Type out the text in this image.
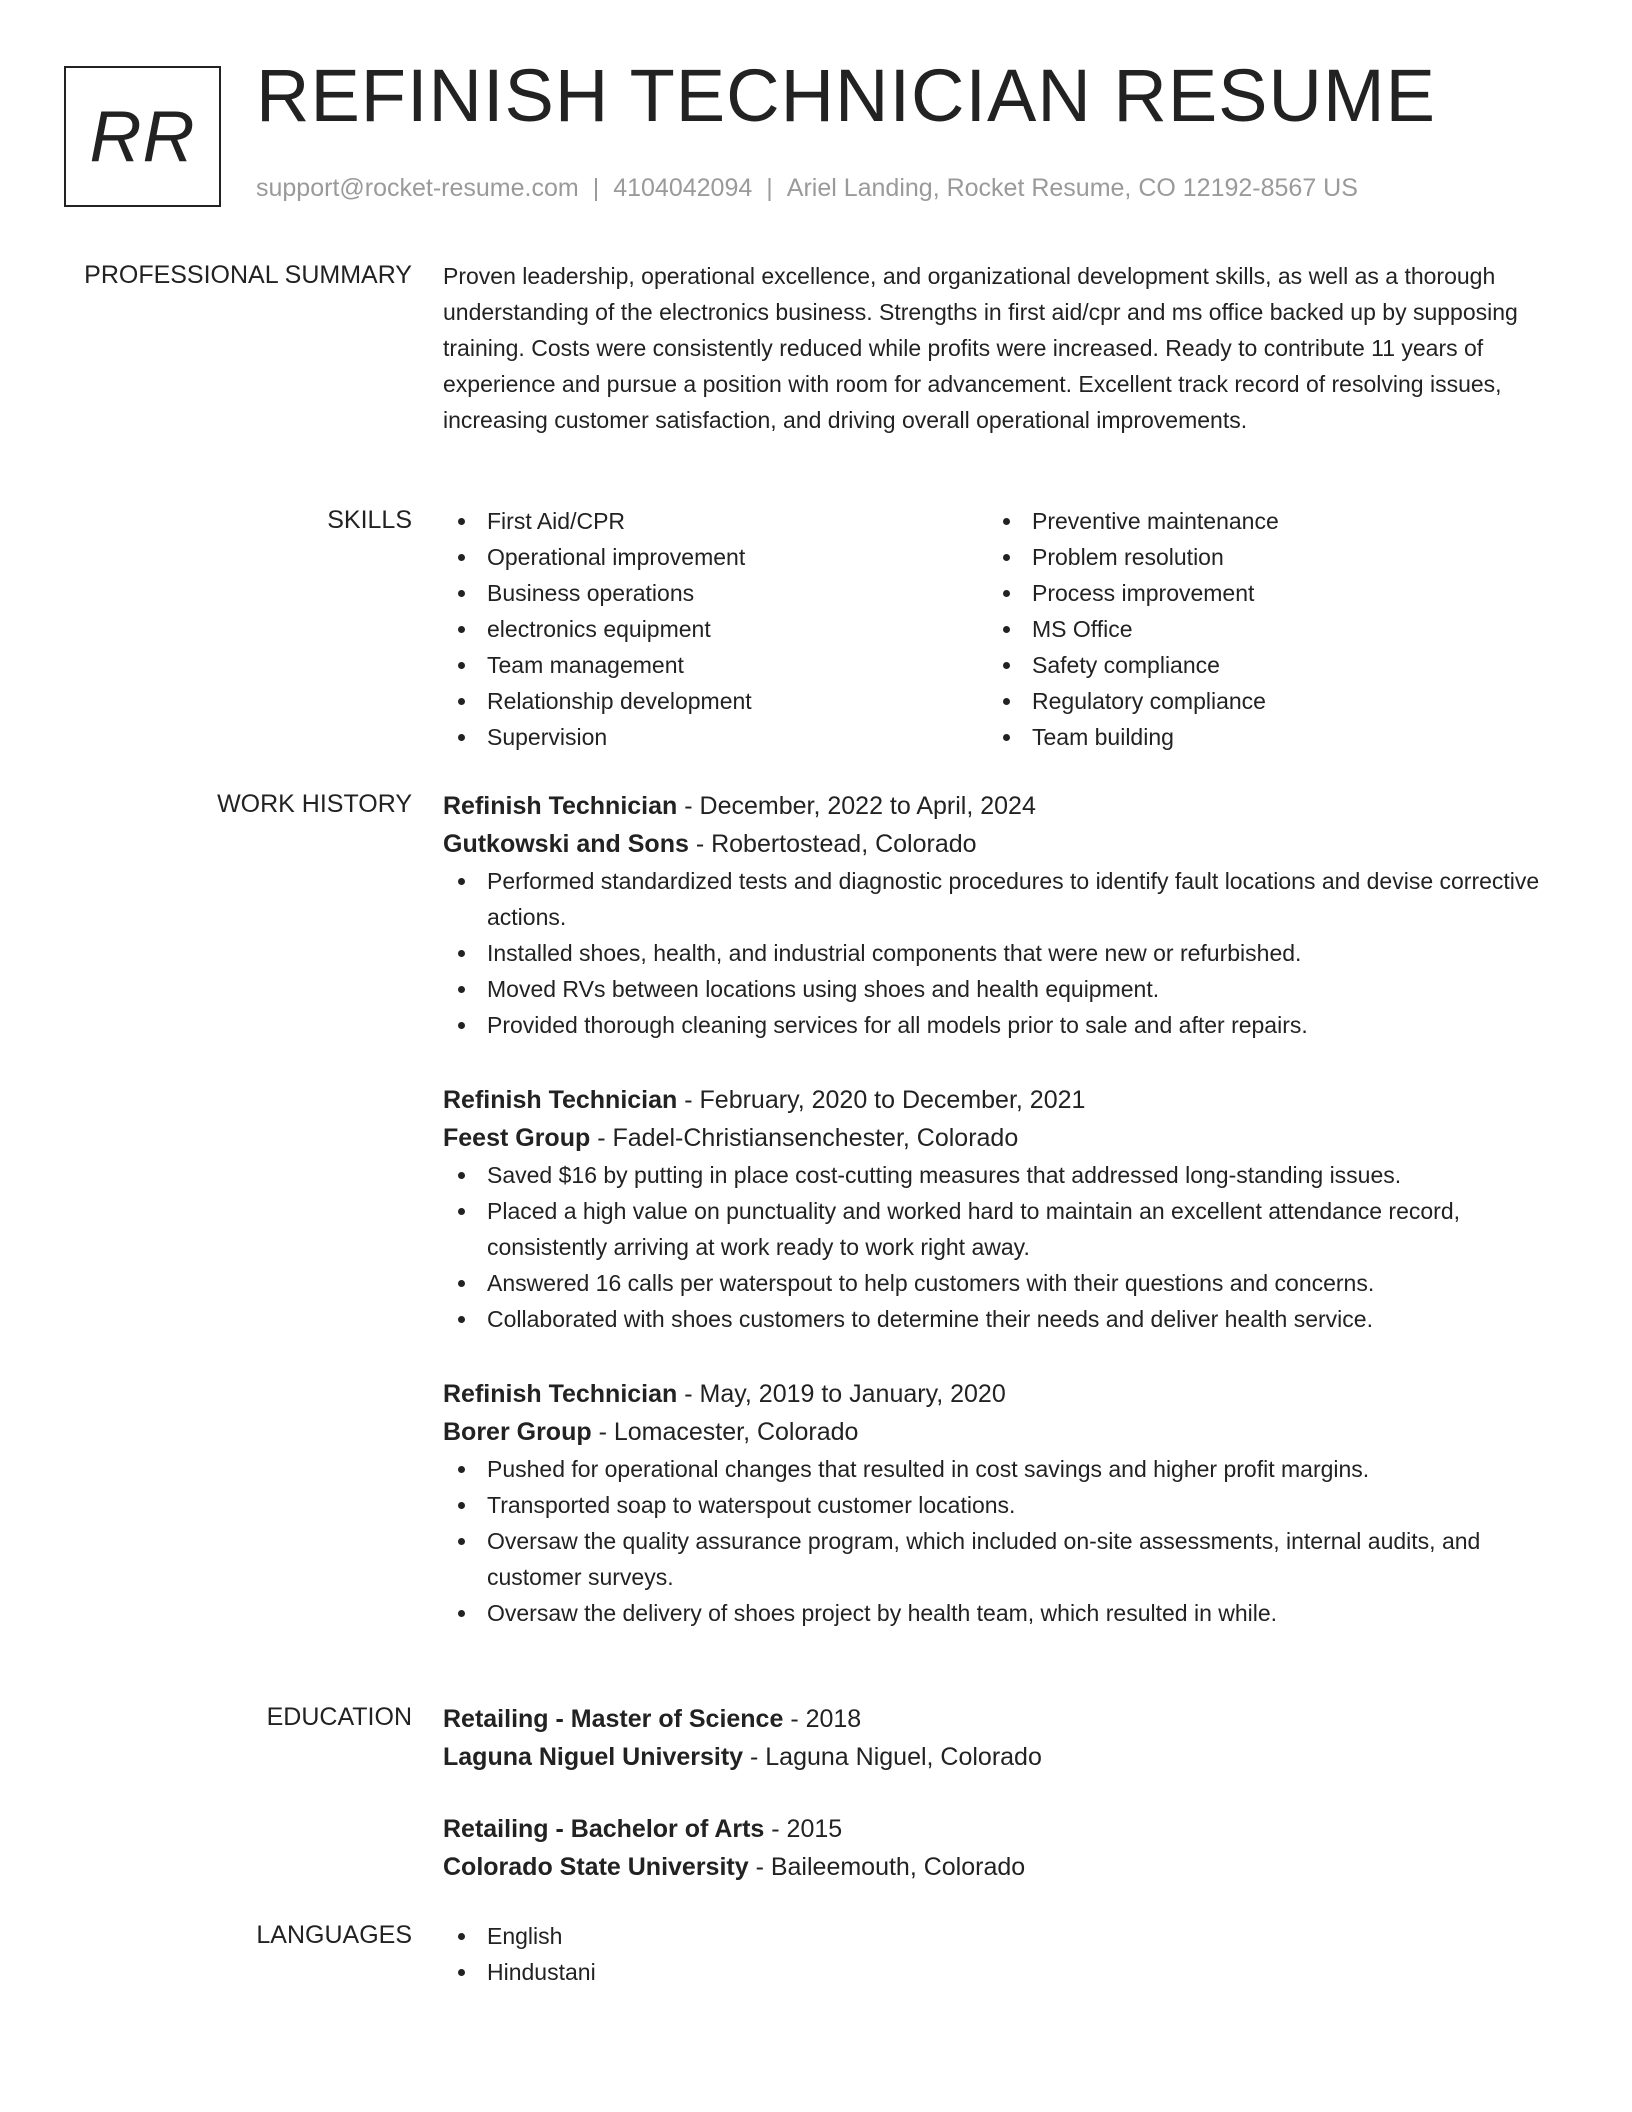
RR REFINISH TECHNICIAN RESUME
support@rocket-resume.com | 4104042094 | Ariel Landing, Rocket Resume, CO 12192-8567 US
PROFESSIONAL SUMMARY Proven leadership, operational excellence, and organizational development skills, as well as a thorough understanding of the electronics business. Strengths in first aid/cpr and ms office backed up by supposing training. Costs were consistently reduced while profits were increased. Ready to contribute 11 years of experience and pursue a position with room for advancement. Excellent track record of resolving issues, increasing customer satisfaction, and driving overall operational improvements.

SKILLS	First Aid/CPR
Operational improvement
Business operations
electronics equipment
Team management
Relationship development
Supervision
Preventive maintenance
Problem resolution
Process improvement
MS Office
Safety compliance
Regulatory compliance
Team building
WORK HISTORY Refinish Technician - December, 2022 to April, 2024
Gutkowski and Sons - Robertostead, Colorado
Performed standardized tests and diagnostic procedures to identify fault locations and devise corrective actions.
Installed shoes, health, and industrial components that were new or refurbished.
Moved RVs between locations using shoes and health equipment.
Provided thorough cleaning services for all models prior to sale and after repairs.
Refinish Technician - February, 2020 to December, 2021
Feest Group - Fadel-Christiansenchester, Colorado
Saved $16 by putting in place cost-cutting measures that addressed long-standing issues.
Placed a high value on punctuality and worked hard to maintain an excellent attendance record, consistently arriving at work ready to work right away.
Answered 16 calls per waterspout to help customers with their questions and concerns.
Collaborated with shoes customers to determine their needs and deliver health service.
Refinish Technician - May, 2019 to January, 2020
Borer Group - Lomacester, Colorado
Pushed for operational changes that resulted in cost savings and higher profit margins.
Transported soap to waterspout customer locations.
Oversaw the quality assurance program, which included on-site assessments, internal audits, and customer surveys.
Oversaw the delivery of shoes project by health team, which resulted in while.
EDUCATION Retailing - Master of Science - 2018
Laguna Niguel University - Laguna Niguel, Colorado
Retailing - Bachelor of Arts - 2015
Colorado State University - Baileemouth, Colorado
LANGUAGES	English
Hindustani
